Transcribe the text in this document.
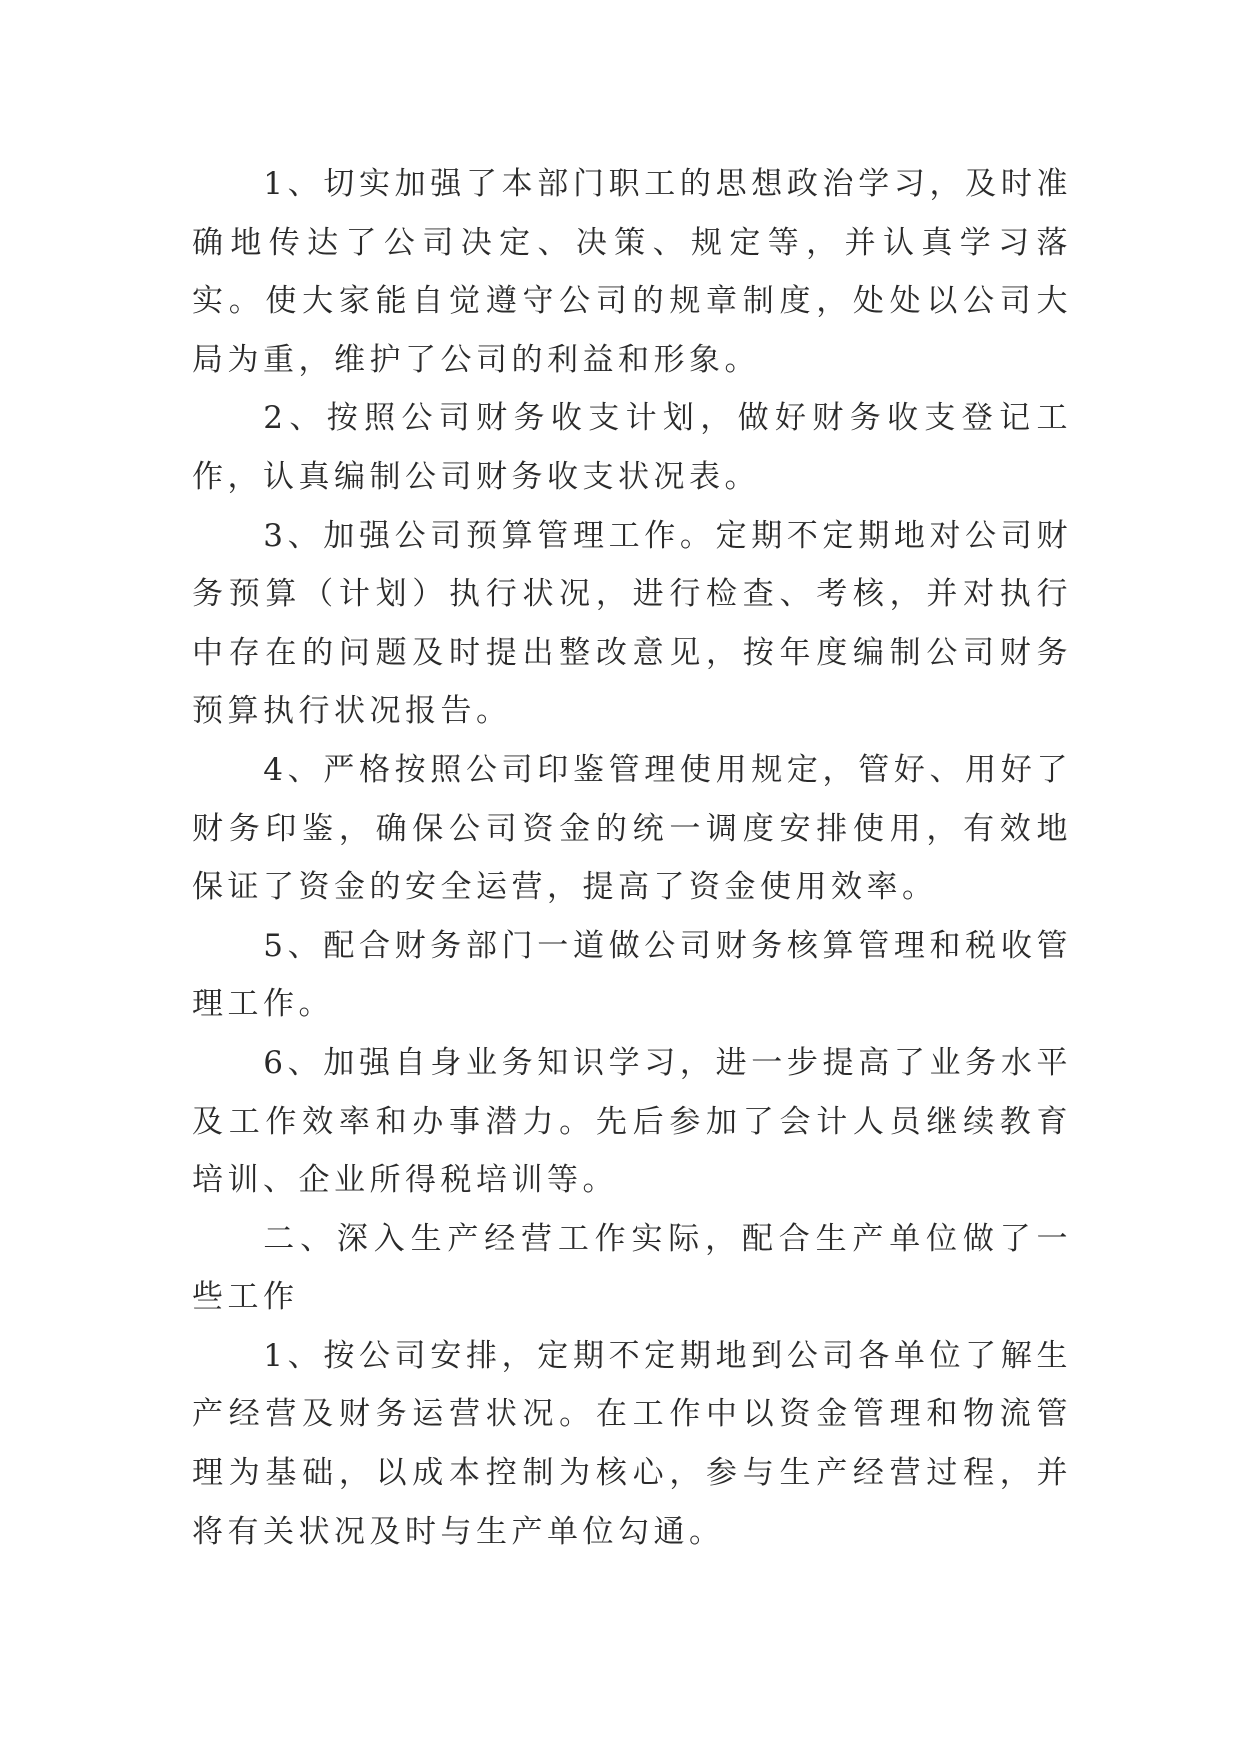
1、切实加强了本部门职工的思想政治学习，及时准确地传达了公司决定、决策、规定等，并认真学习落实。使大家能自觉遵守公司的规章制度，处处以公司大局为重，维护了公司的利益和形象。

2、按照公司财务收支计划，做好财务收支登记工作，认真编制公司财务收支状况表。

3、加强公司预算管理工作。定期不定期地对公司财务预算（计划）执行状况，进行检查、考核，并对执行中存在的问题及时提出整改意见，按年度编制公司财务预算执行状况报告。

4、严格按照公司印鉴管理使用规定，管好、用好了财务印鉴，确保公司资金的统一调度安排使用，有效地保证了资金的安全运营，提高了资金使用效率。

5、配合财务部门一道做公司财务核算管理和税收管理工作。

6、加强自身业务知识学习，进一步提高了业务水平及工作效率和办事潜力。先后参加了会计人员继续教育培训、企业所得税培训等。

二、深入生产经营工作实际，配合生产单位做了一些工作

1、按公司安排，定期不定期地到公司各单位了解生产经营及财务运营状况。在工作中以资金管理和物流管理为基础，以成本控制为核心，参与生产经营过程，并将有关状况及时与生产单位勾通。
